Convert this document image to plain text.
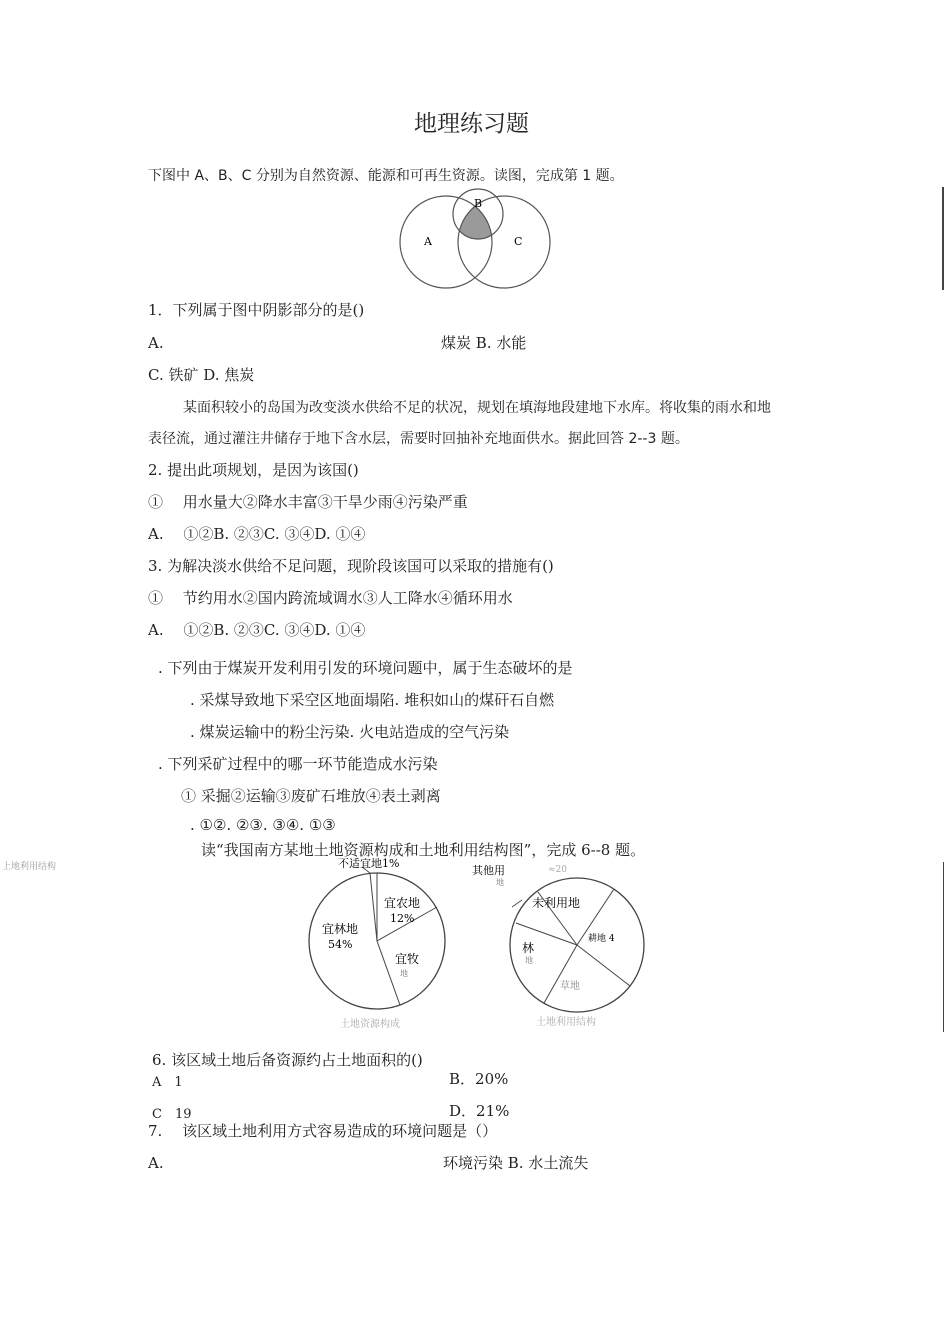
地理练习题
下图中 A、B、C 分别为自然资源、能源和可再生资源。读图，完成第 1 题。
A
B
C
1．下列属于图中阴影部分的是()
A.	煤炭 B. 水能
C. 铁矿 D. 焦炭
某面积较小的岛国为改变淡水供给不足的状况，规划在填海地段建地下水库。将收集的雨水和地
表径流，通过灌注井储存于地下含水层，需要时回抽补充地面供水。据此回答 2--3 题。
2. 提出此项规划，是因为该国()
①　 用水量大②降水丰富③干旱少雨④污染严重
A.　 ①②B. ②③C. ③④D. ①④
3. 为解决淡水供给不足问题，现阶段该国可以采取的措施有()
①　 节约用水②国内跨流域调水③人工降水④循环用水
A.　 ①②B. ②③C. ③④D. ①④
. 下列由于煤炭开发利用引发的环境问题中，属于生态破坏的是
. 采煤导致地下采空区地面塌陷. 堆积如山的煤矸石自燃
. 煤炭运输中的粉尘污染. 火电站造成的空气污染
. 下列采矿过程中的哪一环节能造成水污染
① 采掘②运输③废矿石堆放④表土剥离
. ①②. ②③. ③④. ①③
读“我国南方某地土地资源构成和土地利用结构图”，完成 6--8 题。
上地利用结构	不适宜地1%
宜农地
12%
宜林地
54%
宜牧
地
土地资源构成
其他用
地
≈20
未利用地
耕地 4
林
地
草地
土地利用结构
6. 该区域土地后备资源约占土地面积的()
A　1	B．20%
C　19	D．21%
7.　 该区域土地利用方式容易造成的环境问题是（）
A.	环境污染 B. 水土流失
